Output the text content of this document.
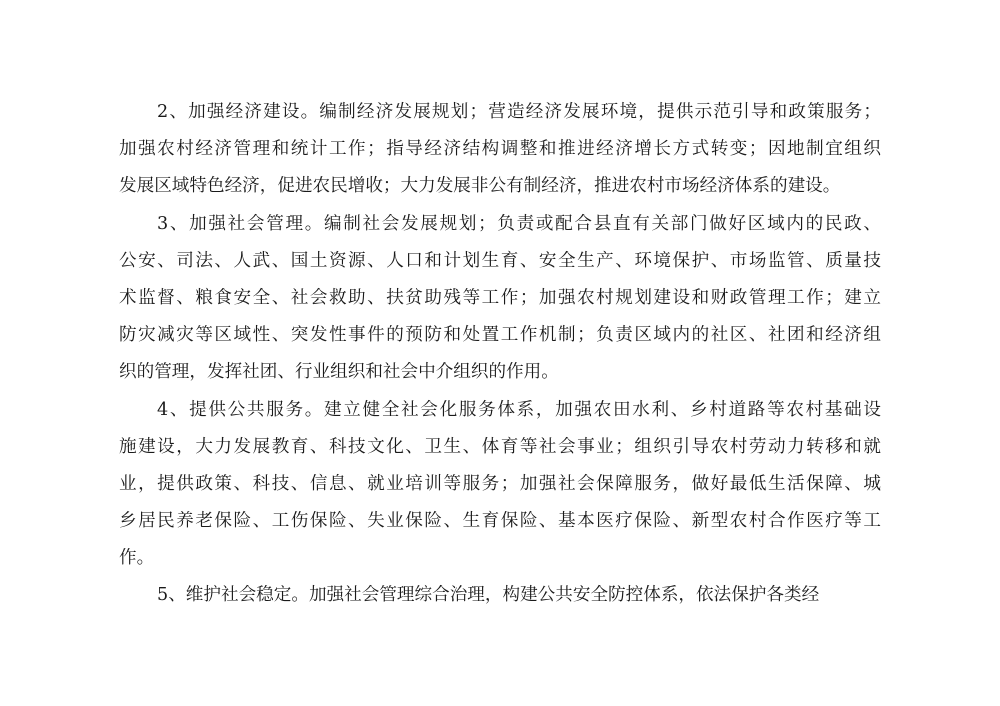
2、加强经济建设。编制经济发展规划；营造经济发展环境，提供示范引导和政策服务；
加强农村经济管理和统计工作；指导经济结构调整和推进经济增长方式转变；因地制宜组织
发展区域特色经济，促进农民增收；大力发展非公有制经济，推进农村市场经济体系的建设。
3、加强社会管理。编制社会发展规划；负责或配合县直有关部门做好区域内的民政、
公安、司法、人武、国土资源、人口和计划生育、安全生产、环境保护、市场监管、质量技
术监督、粮食安全、社会救助、扶贫助残等工作；加强农村规划建设和财政管理工作；建立
防灾减灾等区域性、突发性事件的预防和处置工作机制；负责区域内的社区、社团和经济组
织的管理，发挥社团、行业组织和社会中介组织的作用。
4、提供公共服务。建立健全社会化服务体系，加强农田水利、乡村道路等农村基础设
施建设，大力发展教育、科技文化、卫生、体育等社会事业；组织引导农村劳动力转移和就
业，提供政策、科技、信息、就业培训等服务；加强社会保障服务，做好最低生活保障、城
乡居民养老保险、工伤保险、失业保险、生育保险、基本医疗保险、新型农村合作医疗等工
作。
5、维护社会稳定。加强社会管理综合治理，构建公共安全防控体系，依法保护各类经
